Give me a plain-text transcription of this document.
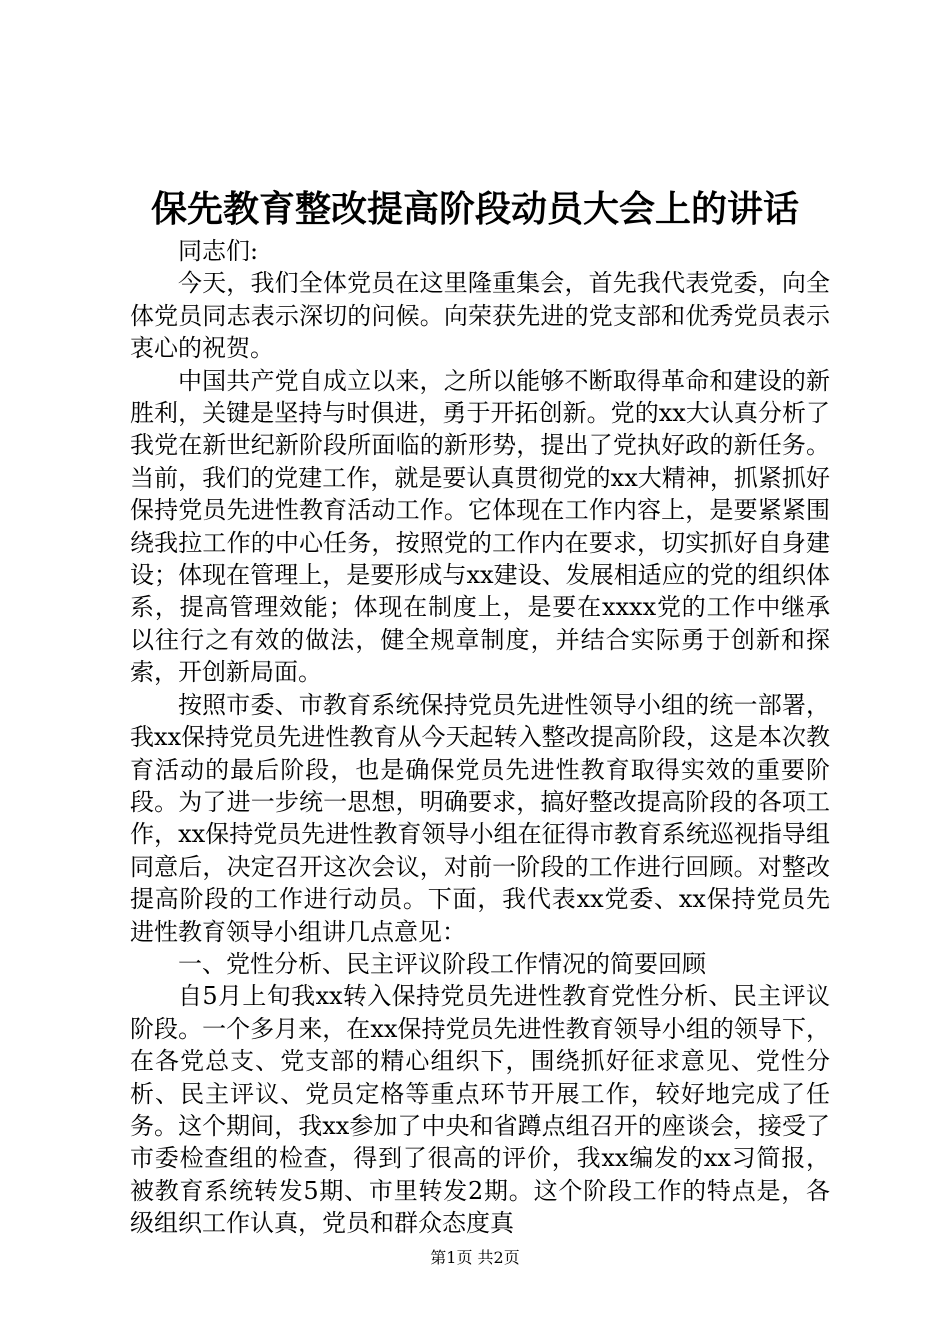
保先教育整改提高阶段动员大会上的讲话

同志们:

今天，我们全体党员在这里隆重集会，首先我代表党委，向全体党员同志表示深切的问候。向荣获先进的党支部和优秀党员表示衷心的祝贺。

中国共产党自成立以来，之所以能够不断取得革命和建设的新胜利，关键是坚持与时俱进，勇于开拓创新。党的xx大认真分析了我党在新世纪新阶段所面临的新形势，提出了党执好政的新任务。当前，我们的党建工作，就是要认真贯彻党的xx大精神，抓紧抓好保持党员先进性教育活动工作。它体现在工作内容上，是要紧紧围绕我拉工作的中心任务，按照党的工作内在要求，切实抓好自身建设；体现在管理上，是要形成与xx建设、发展相适应的党的组织体系，提高管理效能；体现在制度上，是要在xxxx党的工作中继承以往行之有效的做法，健全规章制度，并结合实际勇于创新和探索，开创新局面。

按照市委、市教育系统保持党员先进性领导小组的统一部署，我xx保持党员先进性教育从今天起转入整改提高阶段，这是本次教育活动的最后阶段，也是确保党员先进性教育取得实效的重要阶段。为了进一步统一思想，明确要求，搞好整改提高阶段的各项工作，xx保持党员先进性教育领导小组在征得市教育系统巡视指导组同意后，决定召开这次会议，对前一阶段的工作进行回顾。对整改提高阶段的工作进行动员。下面，我代表xx党委、xx保持党员先进性教育领导小组讲几点意见：

一、党性分析、民主评议阶段工作情况的简要回顾

自5月上旬我xx转入保持党员先进性教育党性分析、民主评议阶段。一个多月来，在xx保持党员先进性教育领导小组的领导下，在各党总支、党支部的精心组织下，围绕抓好征求意见、党性分析、民主评议、党员定格等重点环节开展工作，较好地完成了任务。这个期间，我xx参加了中央和省蹲点组召开的座谈会，接受了市委检查组的检查，得到了很高的评价，我xx编发的xx习简报，被教育系统转发5期、市里转发2期。这个阶段工作的特点是，各级组织工作认真，党员和群众态度真

第1页 共2页
